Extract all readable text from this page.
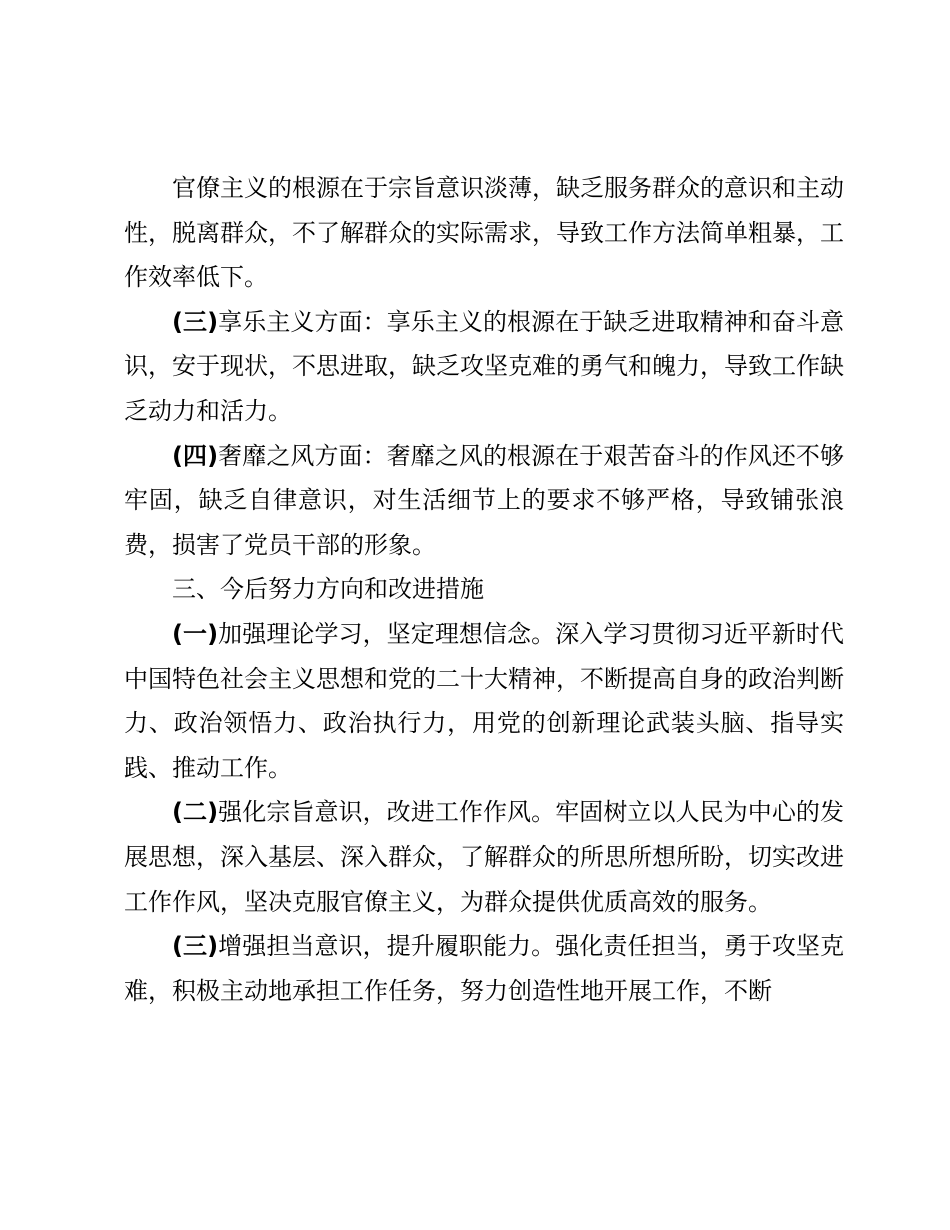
官僚主义的根源在于宗旨意识淡薄，缺乏服务群众的意识和主动性，脱离群众，不了解群众的实际需求，导致工作方法简单粗暴，工作效率低下。

(三)享乐主义方面：享乐主义的根源在于缺乏进取精神和奋斗意识，安于现状，不思进取，缺乏攻坚克难的勇气和魄力，导致工作缺乏动力和活力。

(四)奢靡之风方面：奢靡之风的根源在于艰苦奋斗的作风还不够牢固，缺乏自律意识，对生活细节上的要求不够严格，导致铺张浪费，损害了党员干部的形象。

三、今后努力方向和改进措施

(一)加强理论学习，坚定理想信念。深入学习贯彻习近平新时代中国特色社会主义思想和党的二十大精神，不断提高自身的政治判断力、政治领悟力、政治执行力，用党的创新理论武装头脑、指导实践、推动工作。

(二)强化宗旨意识，改进工作作风。牢固树立以人民为中心的发展思想，深入基层、深入群众，了解群众的所思所想所盼，切实改进工作作风，坚决克服官僚主义，为群众提供优质高效的服务。

(三)增强担当意识，提升履职能力。强化责任担当，勇于攻坚克难，积极主动地承担工作任务，努力创造性地开展工作，不断
